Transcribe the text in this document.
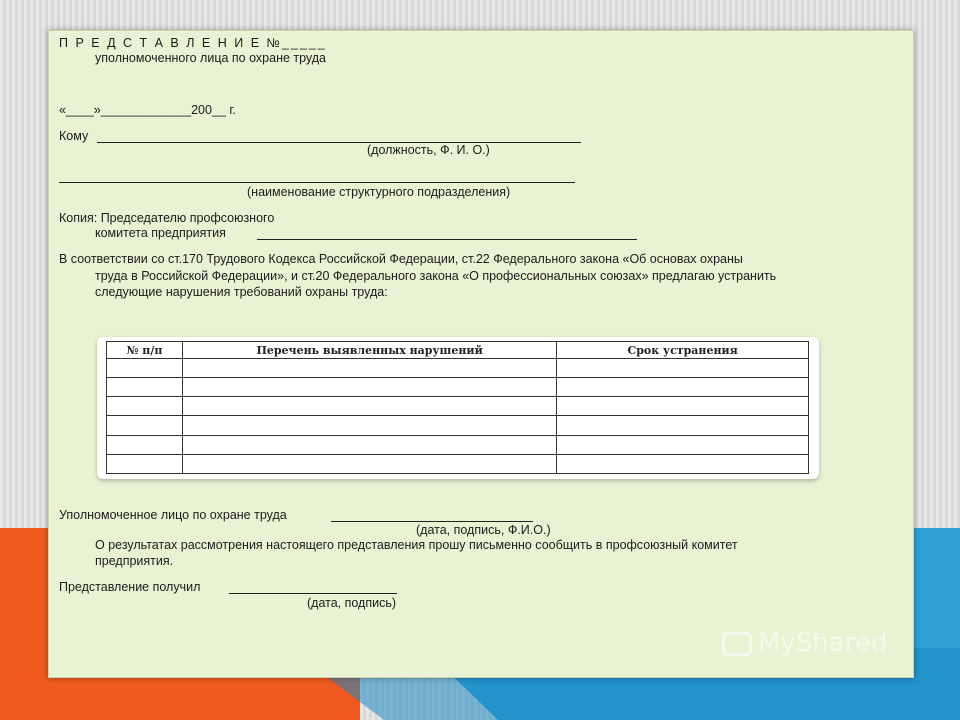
П Р Е Д С Т А В Л Е Н И Е №_____
уполномоченного лица по охране труда
«____»_____________200__ г.
Кому
(должность, Ф. И. О.)
(наименование структурного подразделения)
Копия: Председателю профсоюзного
комитета предприятия
В соответствии со ст.170 Трудового Кодекса Российской Федерации, ст.22 Федерального закона «Об основах охраны
труда в Российской Федерации», и ст.20 Федерального закона «О профессиональных союзах» предлагаю устранить
следующие нарушения требований охраны труда:
№ п/п	Перечень выявленных нарушений	Срок устранения

Уполномоченное лицо по охране труда
(дата, подпись, Ф.И.О.)
О результатах рассмотрения настоящего представления прошу письменно сообщить в профсоюзный комитет
предприятия.
Представление получил
(дата, подпись)
MyShared
